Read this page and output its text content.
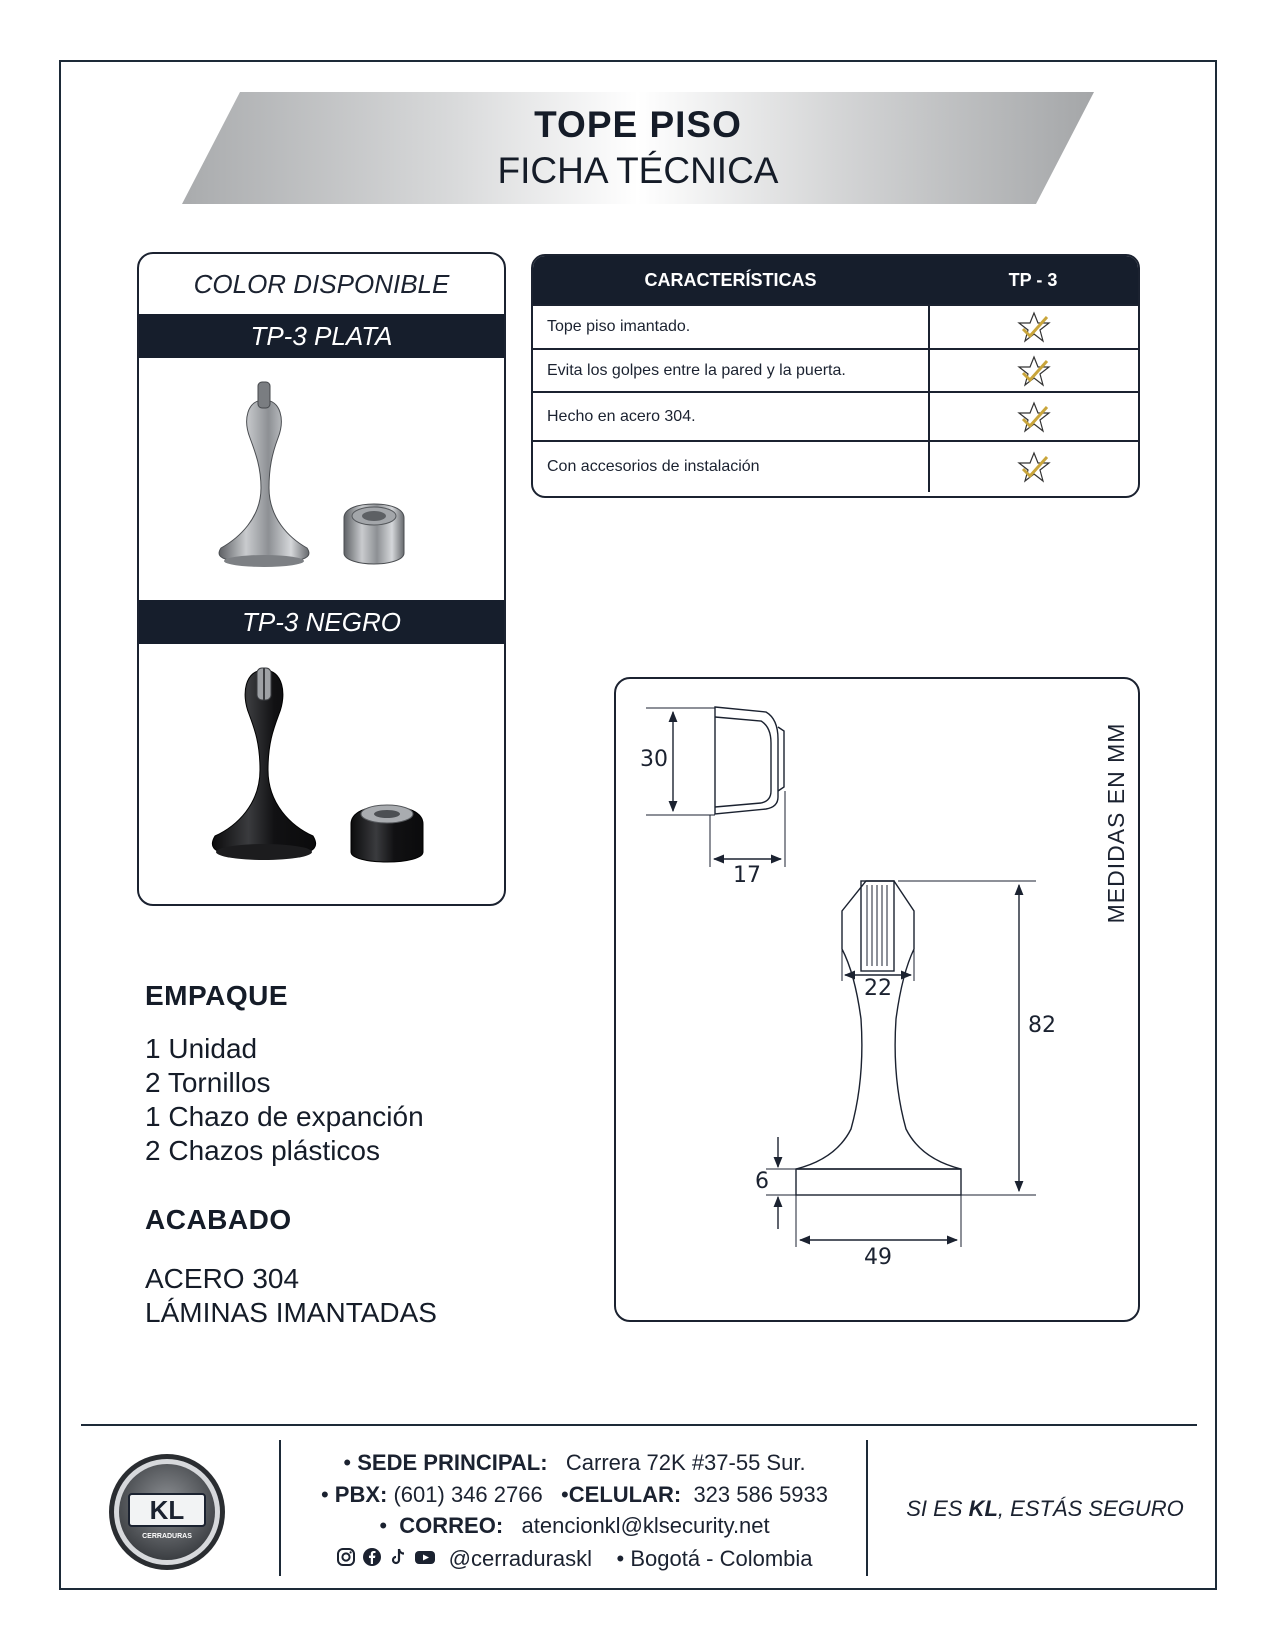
TOPE PISO
FICHA TÉCNICA
COLOR DISPONIBLE
TP-3 PLATA
TP-3 NEGRO
CARACTERÍSTICAS	TP - 3
Tope piso imantado.
Evita los golpes entre la pared y la puerta.
Hecho en acero 304.
Con accesorios de instalación
30
17
22
82
6
49
MEDIDAS EN MM
EMPAQUE
1 Unidad
2 Tornillos
1 Chazo de expanción
2 Chazos plásticos
ACABADO
ACERO 304
LÁMINAS IMANTADAS
KL
CERRADURAS
• SEDE PRINCIPAL: Carrera 72K #37-55 Sur.
• PBX: (601) 346 2766   •CELULAR: 323 586 5933
•  CORREO: atencionkl@klsecurity.net
@cerraduraskl    • Bogotá - Colombia
SI ES KL, ESTÁS SEGURO
